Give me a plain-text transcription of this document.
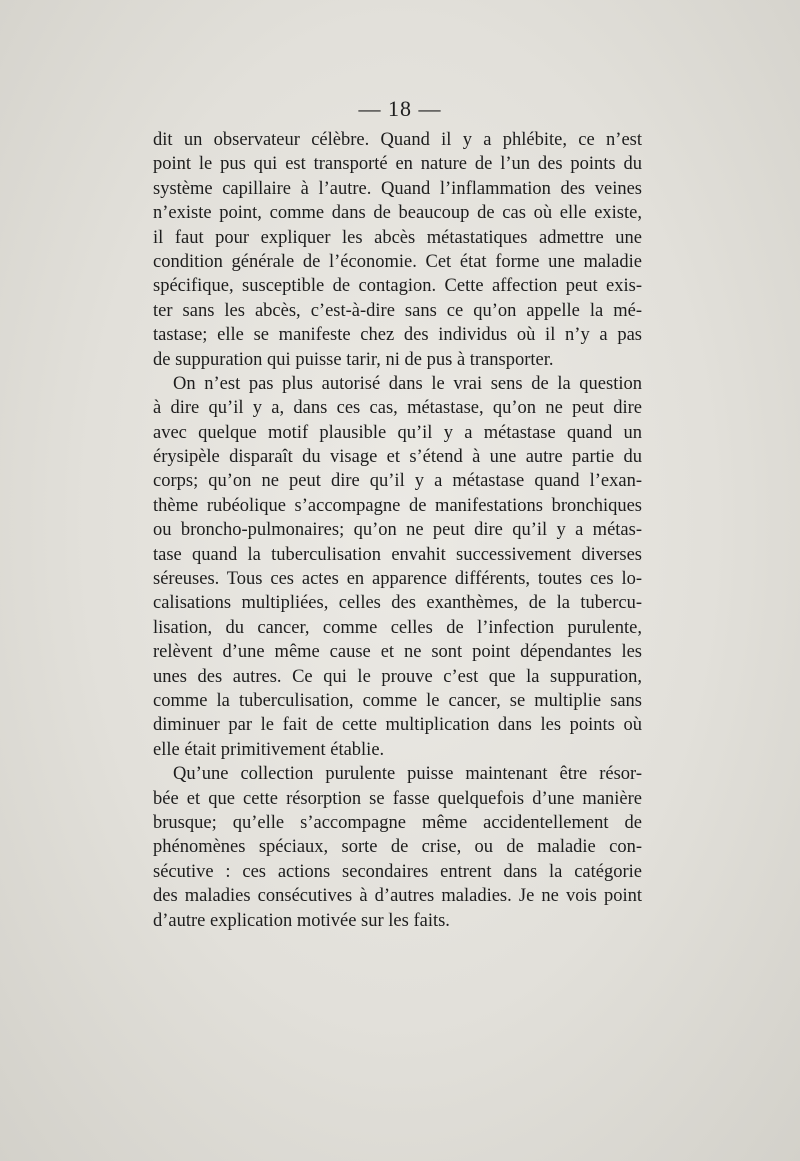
— 18 —
dit un observateur célèbre. Quand il y a phlébite, ce n’est
point le pus qui est transporté en nature de l’un des points du
système capillaire à l’autre. Quand l’inflammation des veines
n’existe point, comme dans de beaucoup de cas où elle existe,
il faut pour expliquer les abcès métastatiques admettre une
condition générale de l’économie. Cet état forme une maladie
spécifique, susceptible de contagion. Cette affection peut exis-
ter sans les abcès, c’est-à-dire sans ce qu’on appelle la mé-
tastase; elle se manifeste chez des individus où il n’y a pas
de suppuration qui puisse tarir, ni de pus à transporter.
On n’est pas plus autorisé dans le vrai sens de la question
à dire qu’il y a, dans ces cas, métastase, qu’on ne peut dire
avec quelque motif plausible qu’il y a métastase quand un
érysipèle disparaît du visage et s’étend à une autre partie du
corps; qu’on ne peut dire qu’il y a métastase quand l’exan-
thème rubéolique s’accompagne de manifestations bronchiques
ou broncho-pulmonaires; qu’on ne peut dire qu’il y a métas-
tase quand la tuberculisation envahit successivement diverses
séreuses. Tous ces actes en apparence différents, toutes ces lo-
calisations multipliées, celles des exanthèmes, de la tubercu-
lisation, du cancer, comme celles de l’infection purulente,
relèvent d’une même cause et ne sont point dépendantes les
unes des autres. Ce qui le prouve c’est que la suppuration,
comme la tuberculisation, comme le cancer, se multiplie sans
diminuer par le fait de cette multiplication dans les points où
elle était primitivement établie.
Qu’une collection purulente puisse maintenant être résor-
bée et que cette résorption se fasse quelquefois d’une manière
brusque; qu’elle s’accompagne même accidentellement de
phénomènes spéciaux, sorte de crise, ou de maladie con-
sécutive : ces actions secondaires entrent dans la catégorie
des maladies consécutives à d’autres maladies. Je ne vois point
d’autre explication motivée sur les faits.
